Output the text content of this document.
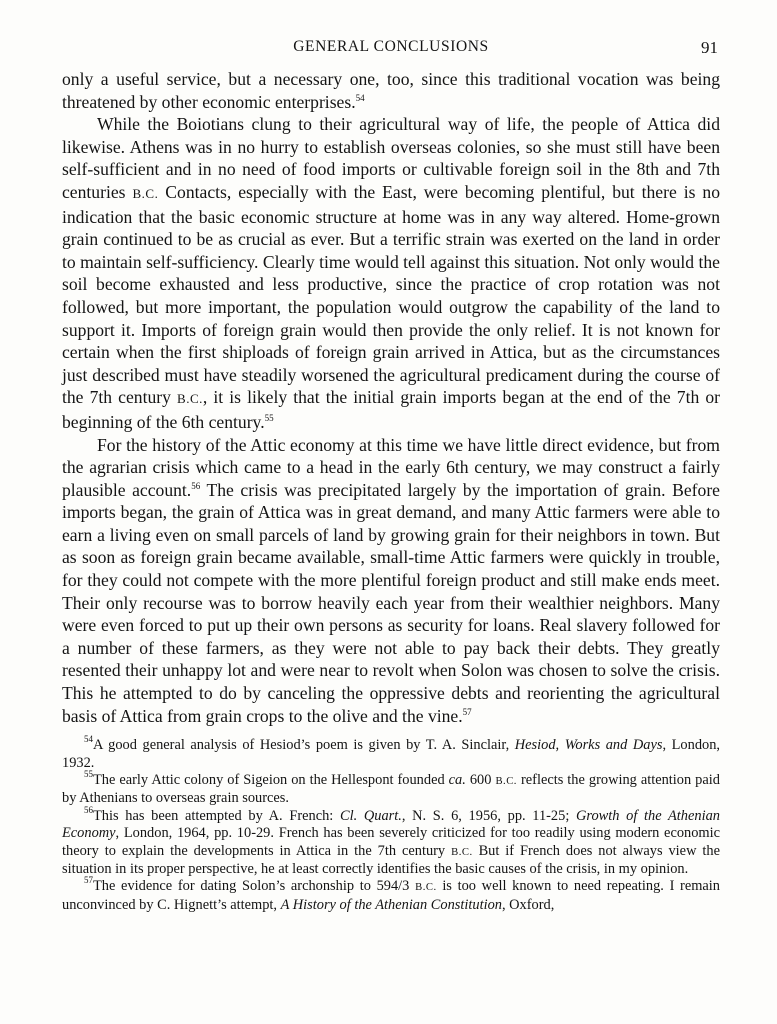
GENERAL CONCLUSIONS	91

only a useful service, but a necessary one, too, since this traditional vocation was being threatened by other economic enterprises.$^{54}$

While the Boiotians clung to their agricultural way of life, the people of Attica did likewise. Athens was in no hurry to establish overseas colonies, so she must still have been self-sufficient and in no need of food imports or cultivable foreign soil in the 8th and 7th centuries B.C. Contacts, especially with the East, were becoming plentiful, but there is no indication that the basic economic structure at home was in any way altered. Home-grown grain continued to be as crucial as ever. But a terrific strain was exerted on the land in order to maintain self-sufficiency. Clearly time would tell against this situation. Not only would the soil become exhausted and less productive, since the practice of crop rotation was not followed, but more important, the population would outgrow the capability of the land to support it. Imports of foreign grain would then provide the only relief. It is not known for certain when the first shiploads of foreign grain arrived in Attica, but as the circumstances just described must have steadily worsened the agricultural predicament during the course of the 7th century B.C., it is likely that the initial grain imports began at the end of the 7th or beginning of the 6th century.$^{55}$

For the history of the Attic economy at this time we have little direct evidence, but from the agrarian crisis which came to a head in the early 6th century, we may construct a fairly plausible account.$^{56}$ The crisis was precipitated largely by the importation of grain. Before imports began, the grain of Attica was in great demand, and many Attic farmers were able to earn a living even on small parcels of land by growing grain for their neighbors in town. But as soon as foreign grain became available, small-time Attic farmers were quickly in trouble, for they could not compete with the more plentiful foreign product and still make ends meet. Their only recourse was to borrow heavily each year from their wealthier neighbors. Many were even forced to put up their own persons as security for loans. Real slavery followed for a number of these farmers, as they were not able to pay back their debts. They greatly resented their unhappy lot and were near to revolt when Solon was chosen to solve the crisis. This he attempted to do by canceling the oppressive debts and reorienting the agricultural basis of Attica from grain crops to the olive and the vine.$^{57}$

$^{54}$A good general analysis of Hesiod’s poem is given by T. A. Sinclair, Hesiod, Works and Days, London, 1932.

$^{55}$The early Attic colony of Sigeion on the Hellespont founded ca. 600 B.C. reflects the growing attention paid by Athenians to overseas grain sources.

$^{56}$This has been attempted by A. French: Cl. Quart., N. S. 6, 1956, pp. 11-25; Growth of the Athenian Economy, London, 1964, pp. 10-29. French has been severely criticized for too readily using modern economic theory to explain the developments in Attica in the 7th century B.C. But if French does not always view the situation in its proper perspective, he at least correctly identifies the basic causes of the crisis, in my opinion.

$^{57}$The evidence for dating Solon’s archonship to 594/3 B.C. is too well known to need repeating. I remain unconvinced by C. Hignett’s attempt, A History of the Athenian Constitution, Oxford,
